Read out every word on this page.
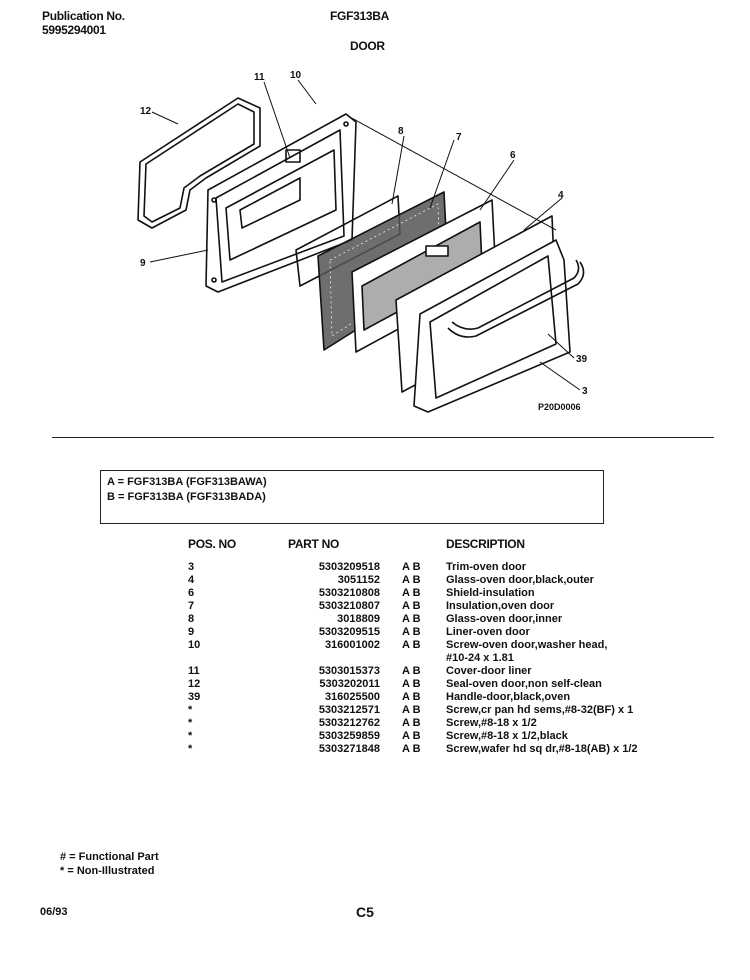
Publication No.
5995294001
FGF313BA
DOOR
11	10
12
8
7
6
4
9
39
3
P20D0006
A = FGF313BA (FGF313BAWA)
B = FGF313BA (FGF313BADA)
POS. NO	PART NO		DESCRIPTION
3	5303209518	A B	Trim-oven door
4	3051152	A B	Glass-oven door,black,outer
6	5303210808	A B	Shield-insulation
7	5303210807	A B	Insulation,oven door
8	3018809	A B	Glass-oven door,inner
9	5303209515	A B	Liner-oven door
10	316001002	A B	Screw-oven door,washer head,
			#10-24 x 1.81
11	5303015373	A B	Cover-door liner
12	5303202011	A B	Seal-oven door,non self-clean
39	316025500	A B	Handle-door,black,oven
*	5303212571	A B	Screw,cr pan hd sems,#8-32(BF) x 1
*	5303212762	A B	Screw,#8-18 x 1/2
*	5303259859	A B	Screw,#8-18 x 1/2,black
*	5303271848	A B	Screw,wafer hd sq dr,#8-18(AB) x 1/2
# = Functional Part
* = Non-Illustrated
06/93	C5
